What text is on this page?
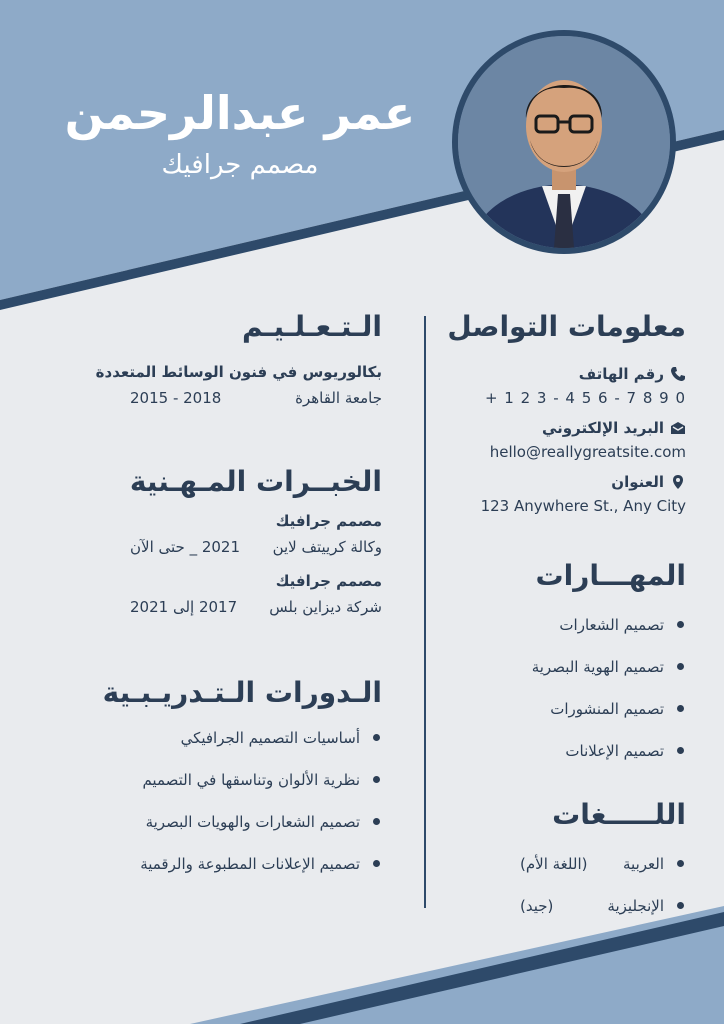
عمر عبدالرحمن
مصمم جرافيك
معلومات التواصل
رقم الهاتف
+ 1 2 3 - 4 5 6 - 7 8 9 0
البريد الإلكتروني
hello@reallygreatsite.com
العنوان
123 Anywhere St., Any City
المهـــارات
تصميم الشعارات
تصميم الهوية البصرية
تصميم المنشورات
تصميم الإعلانات
اللـــــغات
العربية
(اللغة الأم)
الإنجليزية
(جيد)
الـتـعـلـيـم
بكالوريوس في فنون الوسائط المتعددة
جامعة القاهرة
2018 - 2015
الخبــرات المـهـنية
مصمم جرافيك
وكالة كرييتف لاين
2021 _ حتى الآن
مصمم جرافيك
شركة ديزاين بلس
2017 إلى 2021
الـدورات الـتـدريـبـية
أساسيات التصميم الجرافيكي
نظرية الألوان وتناسقها في التصميم
تصميم الشعارات والهويات البصرية
تصميم الإعلانات المطبوعة والرقمية
